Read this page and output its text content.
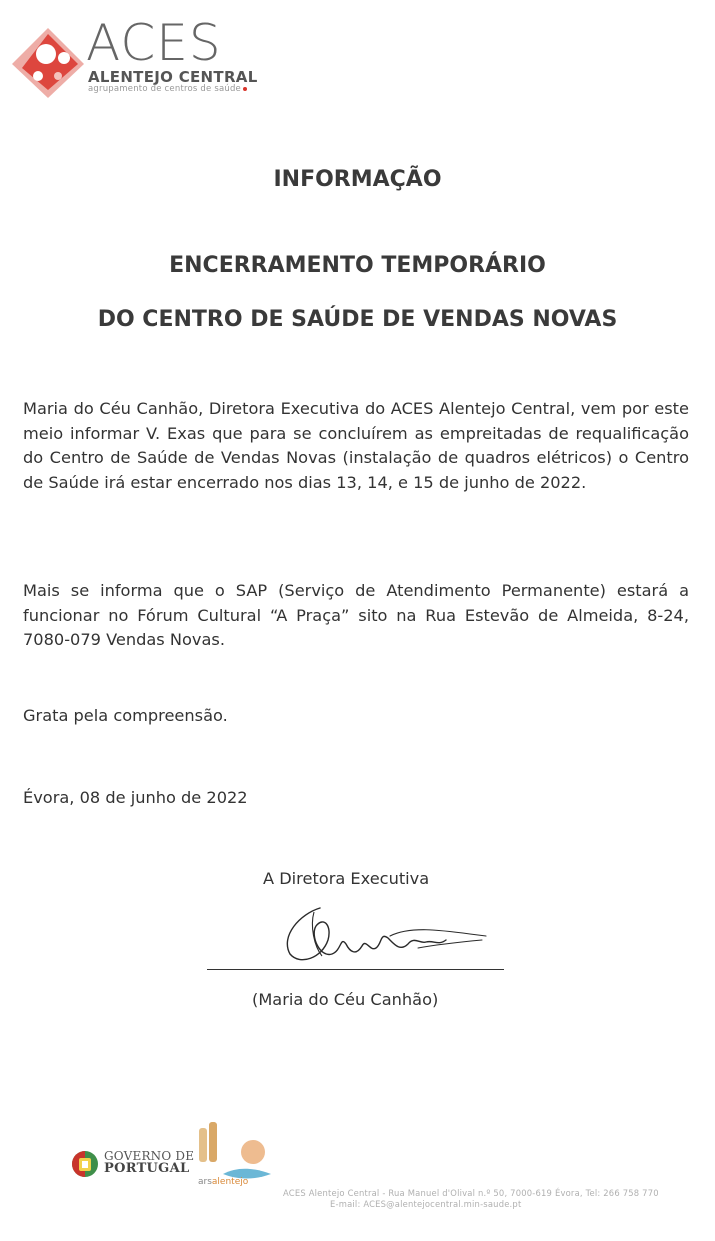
ACES
ALENTEJO CENTRAL
agrupamento de centros de saúde
INFORMAÇÃO
ENCERRAMENTO TEMPORÁRIO
DO CENTRO DE SAÚDE DE VENDAS NOVAS
Maria do Céu Canhão, Diretora Executiva do ACES Alentejo Central, vem por este meio informar V. Exas que para se concluírem as empreitadas de requalificação do Centro de Saúde de Vendas Novas (instalação de quadros elétricos) o Centro de Saúde irá estar encerrado nos dias 13, 14, e 15 de junho de 2022.
Mais se informa que o SAP (Serviço de Atendimento Permanente) estará a funcionar no Fórum Cultural “A Praça” sito na Rua Estevão de Almeida, 8-24, 7080-079 Vendas Novas.
Grata pela compreensão.
Évora, 08 de junho de 2022
A Diretora Executiva
(Maria do Céu Canhão)
GOVERNO DE
PORTUGAL
arsalentejo
ACES Alentejo Central - Rua Manuel d'Olival n.º 50, 7000-619 Évora, Tel: 266 758 770
E-mail: ACES@alentejocentral.min-saude.pt
